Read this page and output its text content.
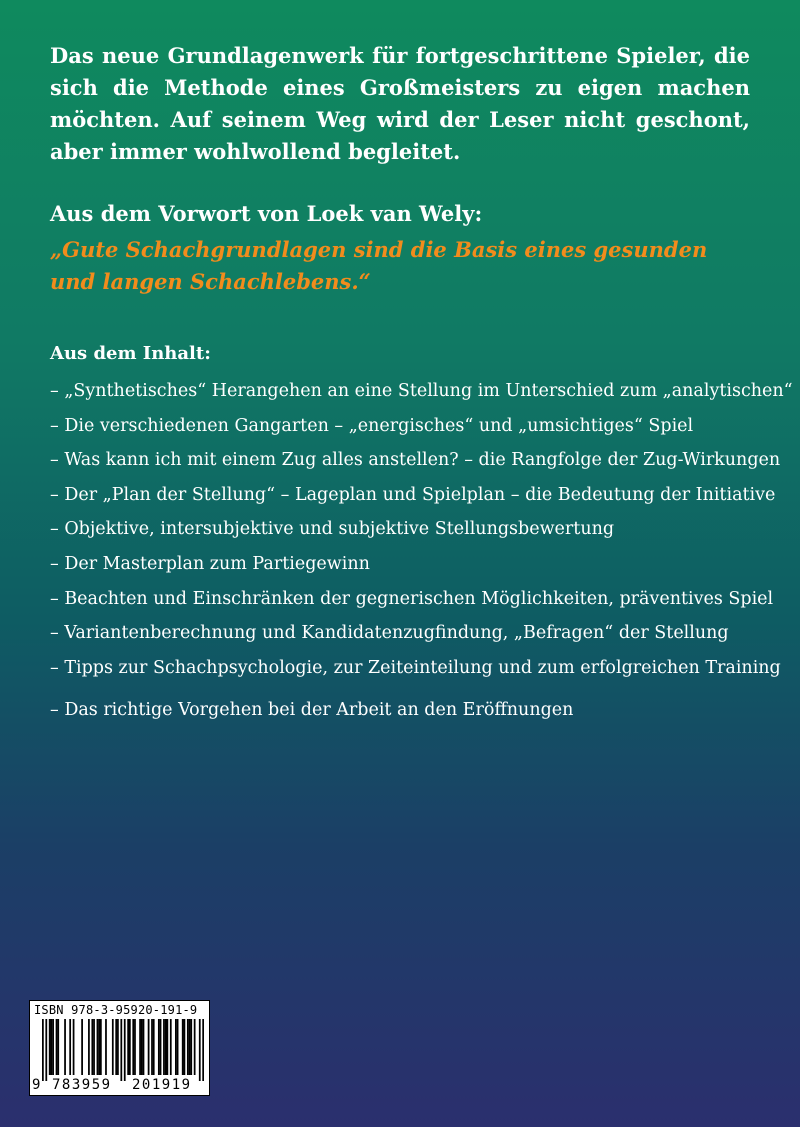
Das neue Grundlagenwerk für fortgeschrittene Spieler, die sich die Methode eines Großmeisters zu eigen machen möchten. Auf seinem Weg wird der Leser nicht geschont, aber immer wohlwollend begleitet.

Aus dem Vorwort von Loek van Wely:

„Gute Schachgrundlagen sind die Basis eines gesunden und langen Schachlebens.“

Aus dem Inhalt:

– „Synthetisches“ Herangehen an eine Stellung im Unterschied zum „analytischen“
– Die verschiedenen Gangarten – „energisches“ und „umsichtiges“ Spiel
– Was kann ich mit einem Zug alles anstellen? – die Rangfolge der Zug-Wirkungen
– Der „Plan der Stellung“ – Lageplan und Spielplan – die Bedeutung der Initiative
– Objektive, intersubjektive und subjektive Stellungsbewertung
– Der Masterplan zum Partiegewinn
– Beachten und Einschränken der gegnerischen Möglichkeiten, präventives Spiel
– Variantenberechnung und Kandidatenzugfindung, „Befragen“ der Stellung
– Tipps zur Schachpsychologie, zur Zeiteinteilung und zum erfolgreichen Training
– Das richtige Vorgehen bei der Arbeit an den Eröffnungen
ISBN 978-3-95920-191-9
9 783959 201919
